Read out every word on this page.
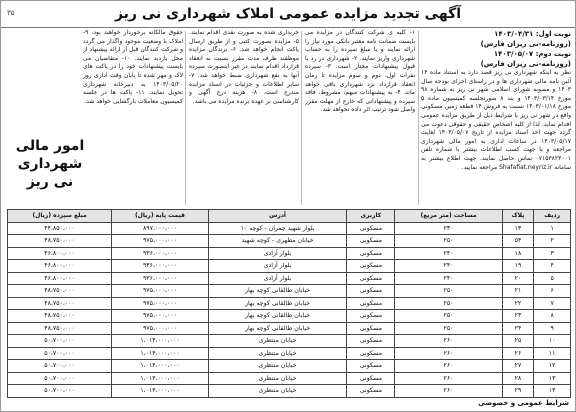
آگهی تجدید مزایده عمومی املاک شهرداری نی ریز
۳۵
نوبت اول: ۱۴۰۳/۰۴/۳۱
(روزنامه-نی ریزان فارس)
نوبت دوم: ۱۴۰۳/۰۵/۰۷
(روزنامه-نی ریزان فارس)
نظر به اینکه شهرداری نی ریز قصد دارد به استناد ماده ۱۳ آئین نامه مالی شهرداری ها و در راستای اجرای بودجه سال ۱۴۰۳ و مصوبه شورای اسلامی شهر نی ریز به شماره ۹۸ مورخ ۱۴۰۳/۰۳/۱۴ و بند ۸ صورتجلسه کمیسیون ماده ۵ مورخ ۱۴۰۳/۰۱/۱۸ نسبت به فروش ۱۴ قطعه زمین مسکونی واقع در شهر نی ریز با شرایط ذیل از طریق مزایده عمومی اقدام نماید. لذا از کلیه اشخاص حقیقی و حقوقی دعوت می گردد جهت اخذ اسناد مزایده از تاریخ ۱۴۰۳/۰۵/۰۷ لغایت ۱۴۰۳/۰۵/۱۷ در ساعات اداری به امور مالی شهرداری مراجعه و یا جهت کسب اطلاعات بیشتر با شماره تلفن ۰۷۱۵۳۸۲۳۰۰۱ تماس حاصل نمایند. جهت اطلاع بیشتر به سامانه Shafafiat.neyriz.ir مراجعه نمایید.
۱- کلیه ی شرکت کنندگان در مزایده می بایست ضمانت نامه معتبر بانکی مورد نیاز را ارائه نمایند و یا مبلغ سپرده را به حساب شهرداری واریز نمایند. ۲- شهرداری در رد یا قبول پیشنهادات مختار است. ۳- سپرده نفرات اول، دوم و سوم مزایده تا زمان انعقاد قرارداد نزد شهرداری باقی خواهد ماند. ۴- به پیشنهادات مبهم، مشروط، فاقد سپرده و پیشنهاداتی که خارج از مهلت مقرر واصل شود ترتیب اثر داده نخواهد شد.
خریداری شده به صورت نقدی اقدام نمایند. ۵- مزایده بصورت کتبی و از طریق ارسال پاکت انجام خواهد شد. ۶- برندگان مزایده موظفند ظرف مدت مقرر نسبت به انعقاد قرارداد اقدام نمایند در غیر اینصورت سپرده آنها به نفع شهرداری ضبط خواهد شد. ۷- سایر اطلاعات و جزئیات در اسناد مزایده مندرج است. ۸- هزینه درج آگهی و کارشناسی بر عهده برنده مزایده می باشد.
حقوق مالکانه برخوردار خواهند بود. ۹- املاک با وضعیت موجود واگذار می گردد و شرکت کنندگان قبل از ارائه پیشنهاد از محل بازدید نمایند. ۱۰- متقاضیان می بایست پیشنهادات خود را در پاکت های لاک و مهر شده تا پایان وقت اداری روز ۱۴۰۳/۰۵/۲۰ به دبیرخانه شهرداری تحویل نمایند. ۱۱- پاکت ها در جلسه کمیسیون معاملات بازگشایی خواهد شد.
امور مالی
شهرداری نی ریز
ردیف	پلاک	مساحت (متر مربع)	کاربری	آدرس	قیمت پایه (ریال)	مبلغ سپرده (ریال)
۱	۱۳	۲۳۰	مسکونی	بلوار شهید چمران - کوچه ۱۰	۸۹۷،۰۰۰،۰۰۰	۴۴،۸۵۰،۰۰۰
۲	۵۴	۲۵۰	مسکونی	خیابان مطهری - کوچه شهید	۹۷۵،۰۰۰،۰۰۰	۴۸،۷۵۰،۰۰۰
۳	۱۸	۲۴۰	مسکونی	بلوار آزادی	۹۳۶،۰۰۰،۰۰۰	۴۶،۸۰۰،۰۰۰
۴	۱۹	۲۴۰	مسکونی	بلوار آزادی	۹۳۶،۰۰۰،۰۰۰	۴۶،۸۰۰،۰۰۰
۵	۲۰	۲۴۰	مسکونی	بلوار آزادی	۹۳۶،۰۰۰،۰۰۰	۴۶،۸۰۰،۰۰۰
۶	۲۱	۲۵۰	مسکونی	خیابان طالقانی کوچه بهار	۹۷۵،۰۰۰،۰۰۰	۴۸،۷۵۰،۰۰۰
۷	۲۲	۲۵۰	مسکونی	خیابان طالقانی کوچه بهار	۹۷۵،۰۰۰،۰۰۰	۴۸،۷۵۰،۰۰۰
۸	۲۳	۲۵۰	مسکونی	خیابان طالقانی کوچه بهار	۹۷۵،۰۰۰،۰۰۰	۴۸،۷۵۰،۰۰۰
۹	۲۴	۲۵۰	مسکونی	خیابان طالقانی کوچه بهار	۹۷۵،۰۰۰،۰۰۰	۴۸،۷۵۰،۰۰۰
۱۰	۲۵	۲۶۰	مسکونی	خیابان منتظری	۱،۰۱۴،۰۰۰،۰۰۰	۵۰،۷۰۰،۰۰۰
۱۱	۲۶	۲۶۰	مسکونی	خیابان منتظری	۱،۰۱۴،۰۰۰،۰۰۰	۵۰،۷۰۰،۰۰۰
۱۲	۲۷	۲۶۰	مسکونی	خیابان منتظری	۱،۰۱۴،۰۰۰،۰۰۰	۵۰،۷۰۰،۰۰۰
۱۳	۲۸	۲۶۰	مسکونی	خیابان منتظری	۱،۰۱۴،۰۰۰،۰۰۰	۵۰،۷۰۰،۰۰۰
۱۴	۲۹	۲۶۰	مسکونی	خیابان منتظری	۱،۰۱۴،۰۰۰،۰۰۰	۵۰،۷۰۰،۰۰۰
شرایط عمومی و خصوصی
